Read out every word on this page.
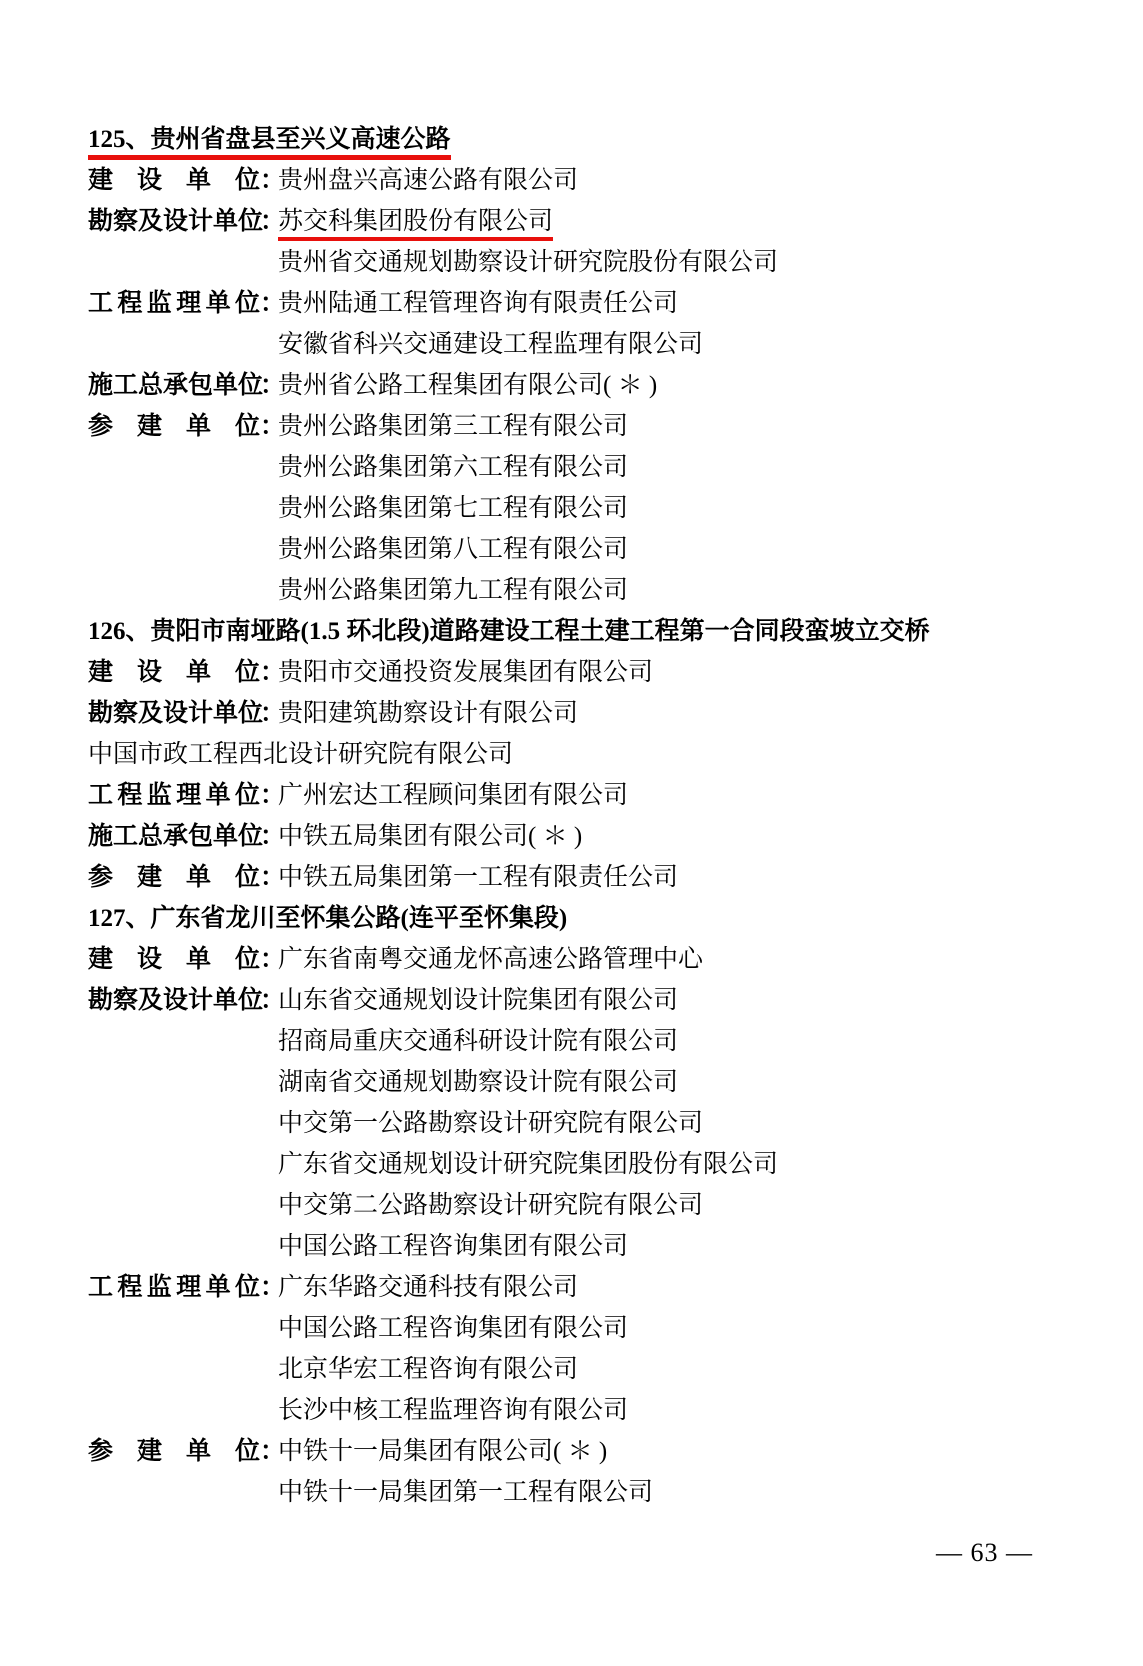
125、贵州省盘县至兴义高速公路
建设单位：
贵州盘兴高速公路有限公司
勘察及设计单位：
苏交科集团股份有限公司
贵州省交通规划勘察设计研究院股份有限公司
工程监理单位：
贵州陆通工程管理咨询有限责任公司
安徽省科兴交通建设工程监理有限公司
施工总承包单位：
贵州省公路工程集团有限公司( ＊ )
参建单位：
贵州公路集团第三工程有限公司
贵州公路集团第六工程有限公司
贵州公路集团第七工程有限公司
贵州公路集团第八工程有限公司
贵州公路集团第九工程有限公司
126、贵阳市南垭路(1.5 环北段)道路建设工程土建工程第一合同段蛮坡立交桥
建设单位：
贵阳市交通投资发展集团有限公司
勘察及设计单位：
贵阳建筑勘察设计有限公司
中国市政工程西北设计研究院有限公司
工程监理单位：
广州宏达工程顾问集团有限公司
施工总承包单位：
中铁五局集团有限公司( ＊ )
参建单位：
中铁五局集团第一工程有限责任公司
127、广东省龙川至怀集公路(连平至怀集段)
建设单位：
广东省南粤交通龙怀高速公路管理中心
勘察及设计单位：
山东省交通规划设计院集团有限公司
招商局重庆交通科研设计院有限公司
湖南省交通规划勘察设计院有限公司
中交第一公路勘察设计研究院有限公司
广东省交通规划设计研究院集团股份有限公司
中交第二公路勘察设计研究院有限公司
中国公路工程咨询集团有限公司
工程监理单位：
广东华路交通科技有限公司
中国公路工程咨询集团有限公司
北京华宏工程咨询有限公司
长沙中核工程监理咨询有限公司
参建单位：
中铁十一局集团有限公司( ＊ )
中铁十一局集团第一工程有限公司
— 63 —
